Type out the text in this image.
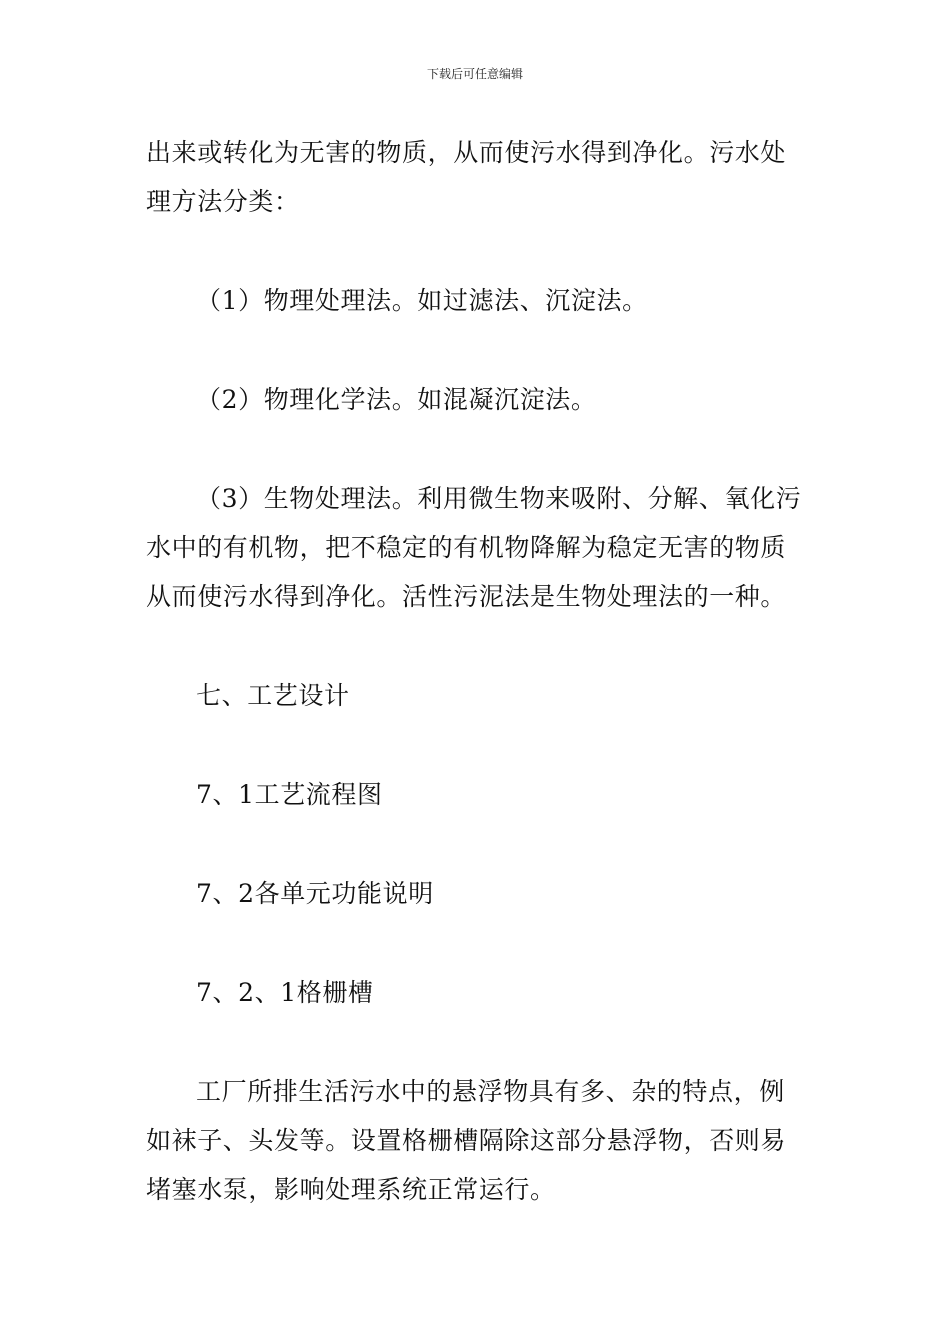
下载后可任意编辑

出来或转化为无害的物质，从而使污水得到净化。污水处

理方法分类：

（1）物理处理法。如过滤法、沉淀法。

（2）物理化学法。如混凝沉淀法。

（3）生物处理法。利用微生物来吸附、分解、氧化污

水中的有机物，把不稳定的有机物降解为稳定无害的物质

从而使污水得到净化。活性污泥法是生物处理法的一种。

七、工艺设计

7、1工艺流程图

7、2各单元功能说明

7、2、1格栅槽

工厂所排生活污水中的悬浮物具有多、杂的特点，例

如袜子、头发等。设置格栅槽隔除这部分悬浮物，否则易

堵塞水泵，影响处理系统正常运行。
